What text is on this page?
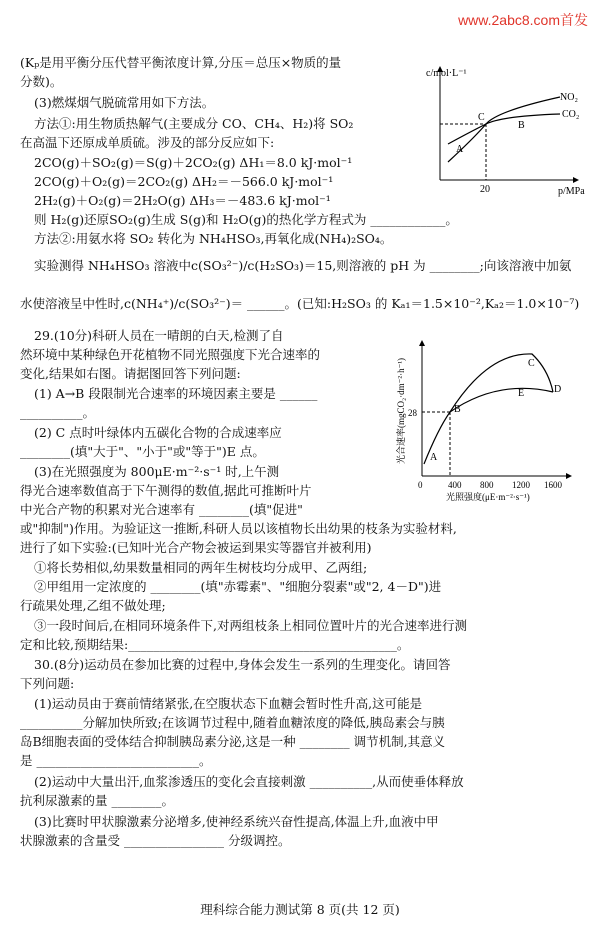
www.2abc8.com首发
(Kₚ是用平衡分压代替平衡浓度计算,分压＝总压×物质的量
分数)。
(3)燃煤烟气脱硫常用如下方法。
方法①:用生物质热解气(主要成分 CO、CH₄、H₂)将 SO₂
在高温下还原成单质硫。涉及的部分反应如下:
2CO(g)＋SO₂(g)＝S(g)＋2CO₂(g) ΔH₁＝8.0 kJ·mol⁻¹
2CO(g)＋O₂(g)＝2CO₂(g) ΔH₂＝－566.0 kJ·mol⁻¹
2H₂(g)＋O₂(g)＝2H₂O(g) ΔH₃＝－483.6 kJ·mol⁻¹
则 H₂(g)还原SO₂(g)生成 S(g)和 H₂O(g)的热化学方程式为 ____________。
方法②:用氨水将 SO₂ 转化为 NH₄HSO₃,再氧化成(NH₄)₂SO₄。
实验测得 NH₄HSO₃ 溶液中c(SO₃²⁻)/c(H₂SO₃)＝15,则溶液的 pH 为 ________;向该溶液中加氨
水使溶液呈中性时,c(NH₄⁺)/c(SO₃²⁻)＝ ______。(已知:H₂SO₃ 的 Kₐ₁＝1.5×10⁻²,Kₐ₂＝1.0×10⁻⁷)
29.(10分)科研人员在一晴朗的白天,检测了自
然环境中某种绿色开花植物不同光照强度下光合速率的
变化,结果如右图。请据图回答下列问题:
(1) A→B 段限制光合速率的环境因素主要是 ______
__________。
(2) C 点时叶绿体内五碳化合物的合成速率应
________(填"大于"、"小于"或"等于")E 点。
(3)在光照强度为 800μE·m⁻²·s⁻¹ 时,上午测
得光合速率数值高于下午测得的数值,据此可推断叶片
中光合产物的积累对光合速率有 ________(填"促进"
或"抑制")作用。为验证这一推断,科研人员以该植物长出幼果的枝条为实验材料,
进行了如下实验:(已知叶光合产物会被运到果实等器官并被利用)
①将长势相似,幼果数量相同的两年生树枝均分成甲、乙两组;
②甲组用一定浓度的 ________(填"赤霉素"、"细胞分裂素"或"2, 4－D")进
行疏果处理,乙组不做处理;
③一段时间后,在相同环境条件下,对两组枝条上相同位置叶片的光合速率进行测
定和比较,预期结果:___________________________________________。
30.(8分)运动员在参加比赛的过程中,身体会发生一系列的生理变化。请回答
下列问题:
(1)运动员由于赛前情绪紧张,在空腹状态下血糖会暂时性升高,这可能是
__________分解加快所致;在该调节过程中,随着血糖浓度的降低,胰岛素会与胰
岛B细胞表面的受体结合抑制胰岛素分泌,这是一种 ________ 调节机制,其意义
是 __________________________。
(2)运动中大量出汗,血浆渗透压的变化会直接刺激 __________,从而使垂体释放
抗利尿激素的量 ________。
(3)比赛时甲状腺激素分泌增多,使神经系统兴奋性提高,体温上升,血液中甲
状腺激素的含量受 ________________ 分级调控。
c/mol·L⁻¹
p/MPa
20
NO₂
CO₂
A
B
C
光合速率(mgCO₂·dm⁻²·h⁻¹)
光照强度(μE·m⁻²·s⁻¹)
0	400 800 1200 1600
28
A
B
C
D
E
理科综合能力测试第 8 页(共 12 页)
